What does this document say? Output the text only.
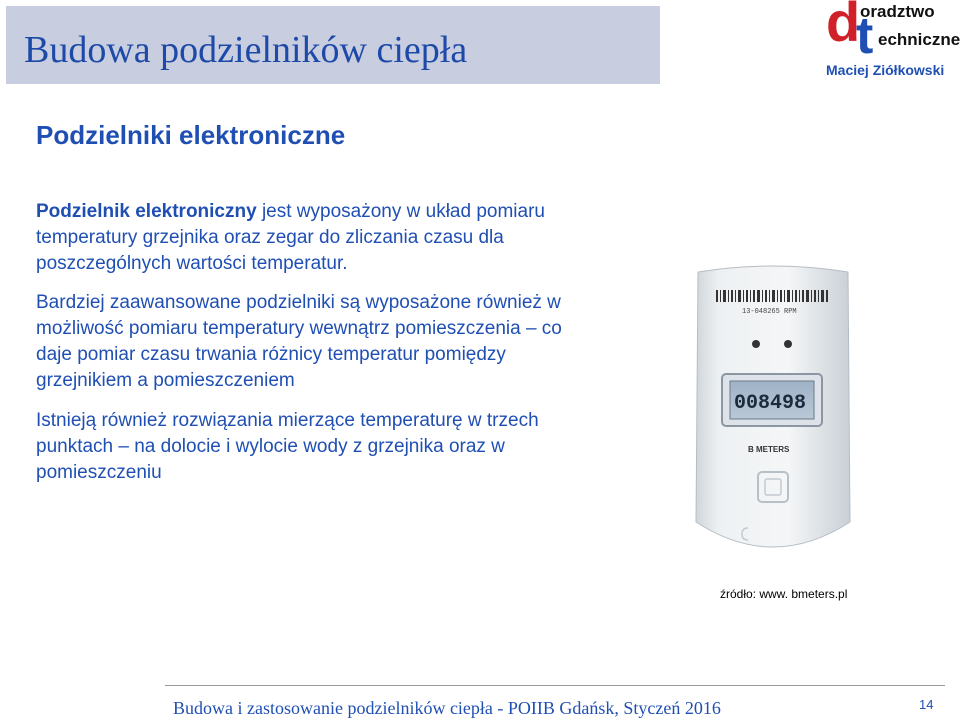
Budowa podzielników ciepła	d
t
oradztwo
echniczne
Maciej Ziółkowski
Podzielniki elektroniczne
Podzielnik elektroniczny jest wyposażony w układ pomiaru temperatury grzejnika oraz zegar do zliczania czasu dla poszczególnych wartości temperatur.
Bardziej zaawansowane podzielniki są wyposażone również w możliwość pomiaru temperatury wewnątrz pomieszczenia – co daje pomiar czasu trwania różnicy temperatur pomiędzy grzejnikiem a pomieszczeniem
Istnieją również rozwiązania mierzące temperaturę w trzech punktach – na dolocie i wylocie wody z grzejnika oraz w pomieszczeniu
13-048265 RPM
008498
B METERS
źródło: www. bmeters.pl
Budowa i zastosowanie podzielników ciepła - POIIB Gdańsk, Styczeń 2016	14
